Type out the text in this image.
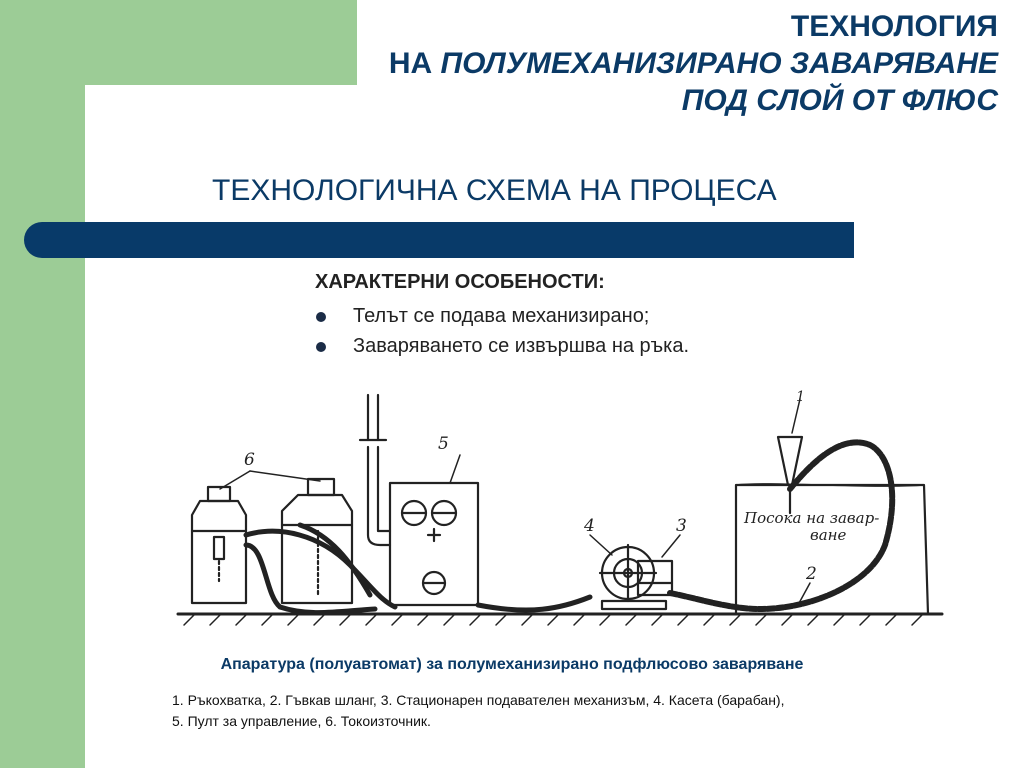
ТЕХНОЛОГИЯ
НА ПОЛУМЕХАНИЗИРАНО ЗАВАРЯВАНЕ
ПОД СЛОЙ ОТ ФЛЮС
ТЕХНОЛОГИЧНА СХЕМА НА ПРОЦЕСА
ХАРАКТЕРНИ ОСОБЕНОСТИ:
Телът се подава механизирано;
Заваряването се извършва на ръка.
6
5
4	3
2
1
Посока на завар-
ване
Апаратура (полуавтомат) за полумеханизирано подфлюсово заваряване
1. Ръкохватка, 2. Гъвкав шланг, 3. Стационарен подавателен механизъм, 4. Касета (барабан),
5. Пулт за управление, 6. Токоизточник.
